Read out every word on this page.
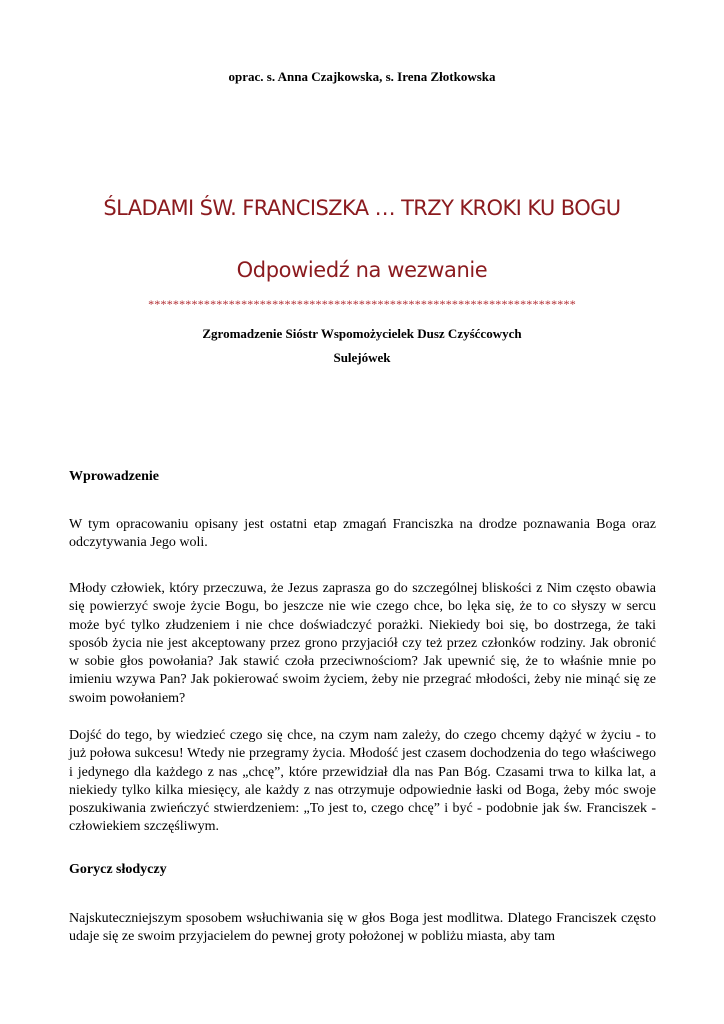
oprac. s. Anna Czajkowska, s. Irena Złotkowska
ŚLADAMI ŚW. FRANCISZKA … TRZY KROKI KU BOGU
Odpowiedź na wezwanie
*********************************************************************
Zgromadzenie Sióstr Wspomożycielek Dusz Czyśćcowych
Sulejówek
Wprowadzenie
W tym opracowaniu opisany jest ostatni etap zmagań Franciszka na drodze poznawania Boga oraz odczytywania Jego woli.
Młody człowiek, który przeczuwa, że Jezus zaprasza go do szczególnej bliskości z Nim często obawia się powierzyć swoje życie Bogu, bo jeszcze nie wie czego chce, bo lęka się, że to co słyszy w sercu może być tylko złudzeniem i nie chce doświadczyć porażki. Niekiedy boi się, bo dostrzega, że taki sposób życia nie jest akceptowany przez grono przyjaciół czy też przez członków rodziny. Jak obronić w sobie głos powołania? Jak stawić czoła przeciwnościom? Jak upewnić się, że to właśnie mnie po imieniu wzywa Pan? Jak pokierować swoim życiem, żeby nie przegrać młodości, żeby nie minąć się ze swoim powołaniem?
Dojść do tego, by wiedzieć czego się chce, na czym nam zależy, do czego chcemy dążyć w życiu - to już połowa sukcesu! Wtedy nie przegramy życia. Młodość jest czasem dochodzenia do tego właściwego i jedynego dla każdego z nas „chcę”, które przewidział dla nas Pan Bóg. Czasami trwa to kilka lat, a niekiedy tylko kilka miesięcy, ale każdy z nas otrzymuje odpowiednie łaski od Boga, żeby móc swoje poszukiwania zwieńczyć stwierdzeniem: „To jest to, czego chcę” i być - podobnie jak św. Franciszek - człowiekiem szczęśliwym.
Gorycz słodyczy
Najskuteczniejszym sposobem wsłuchiwania się w głos Boga jest modlitwa. Dlatego Franciszek często udaje się ze swoim przyjacielem do pewnej groty położonej w pobliżu miasta, aby tam
